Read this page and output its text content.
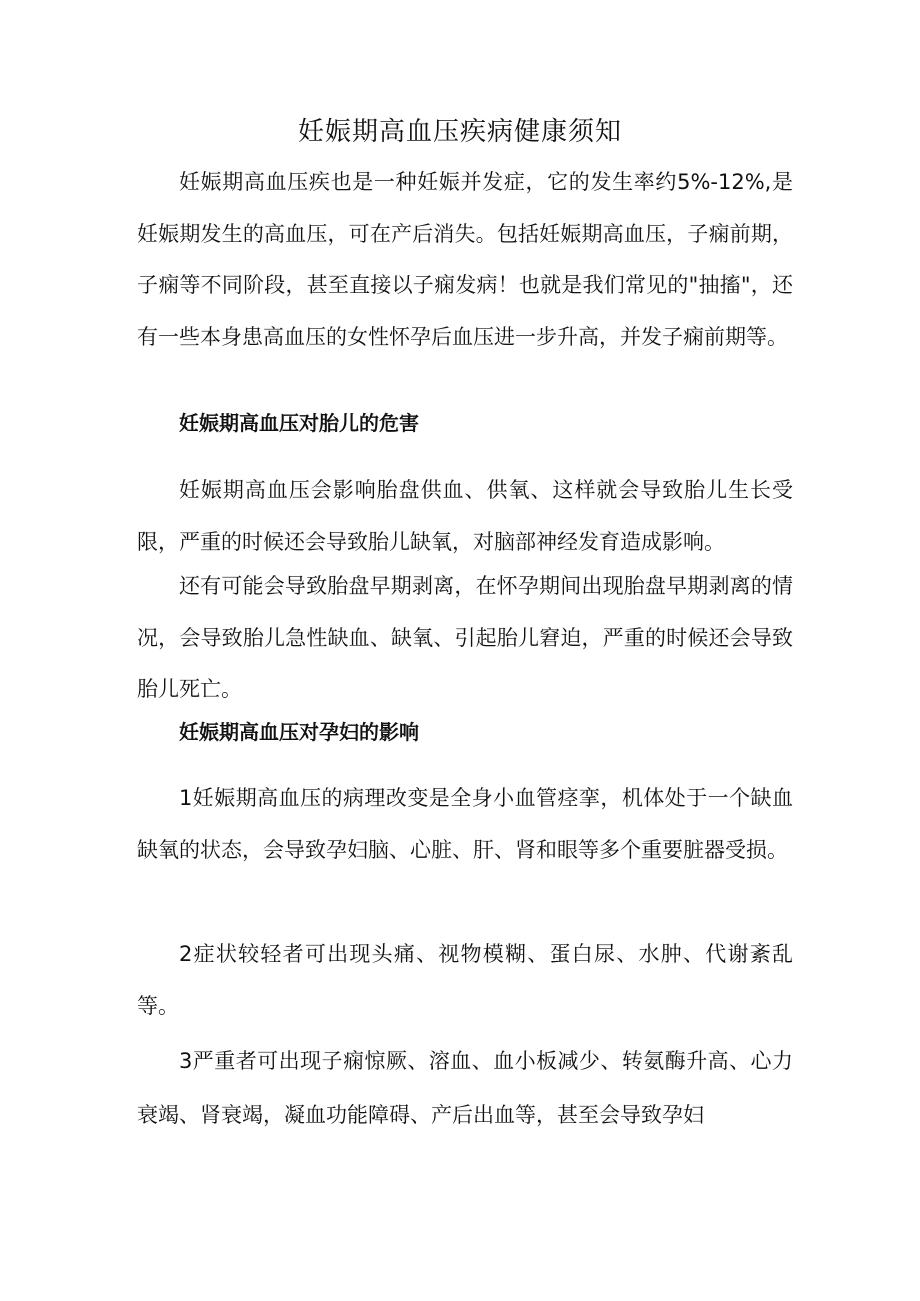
妊娠期高血压疾病健康须知

妊娠期高血压疾也是一种妊娠并发症，它的发生率约5%-12%,是妊娠期发生的高血压，可在产后消失。包括妊娠期高血压，子痫前期，子痫等不同阶段，甚至直接以子痫发病！也就是我们常见的"抽搐"，还有一些本身患高血压的女性怀孕后血压进一步升高，并发子痫前期等。

妊娠期高血压对胎儿的危害

妊娠期高血压会影响胎盘供血、供氧、这样就会导致胎儿生长受限，严重的时候还会导致胎儿缺氧，对脑部神经发育造成影响。

还有可能会导致胎盘早期剥离，在怀孕期间出现胎盘早期剥离的情况，会导致胎儿急性缺血、缺氧、引起胎儿窘迫，严重的时候还会导致胎儿死亡。

妊娠期高血压对孕妇的影响

1妊娠期高血压的病理改变是全身小血管痉挛，机体处于一个缺血缺氧的状态，会导致孕妇脑、心脏、肝、肾和眼等多个重要脏器受损。

2症状较轻者可出现头痛、视物模糊、蛋白尿、水肿、代谢紊乱等。

3严重者可出现子痫惊厥、溶血、血小板减少、转氨酶升高、心力衰竭、肾衰竭，凝血功能障碍、产后出血等，甚至会导致孕妇
